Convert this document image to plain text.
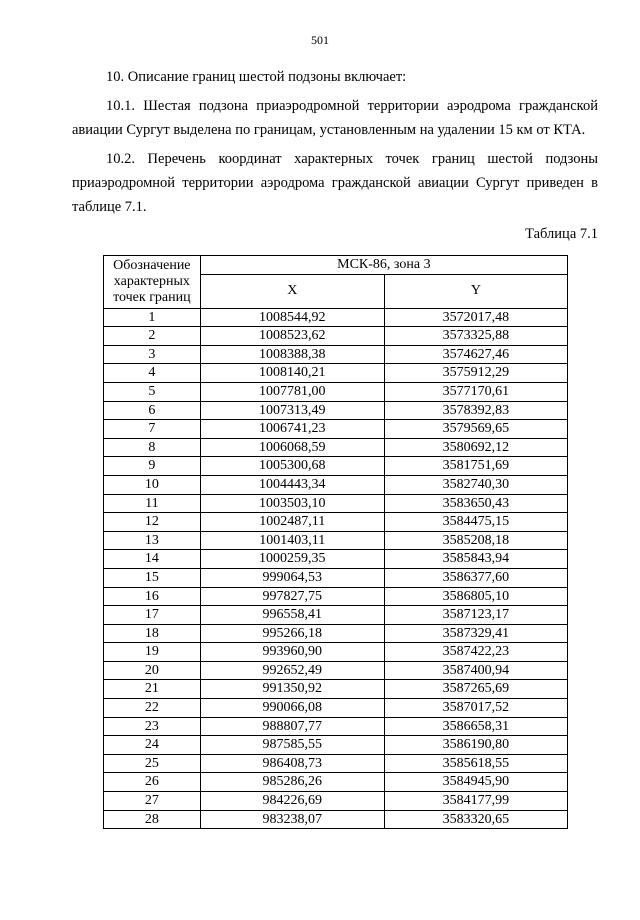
501
10. Описание границ шестой подзоны включает:
10.1. Шестая подзона приаэродромной территории аэродрома гражданской авиации Сургут выделена по границам, установленным на удалении 15 км от КТА.
10.2. Перечень координат характерных точек границ шестой подзоны приаэродромной территории аэродрома гражданской авиации Сургут приведен в таблице 7.1.
Таблица 7.1
Обозначение
характерных
точек границ	МСК-86, зона 3	
	X	Y
1	1008544,92	3572017,48
2	1008523,62	3573325,88
3	1008388,38	3574627,46
4	1008140,21	3575912,29
5	1007781,00	3577170,61
6	1007313,49	3578392,83
7	1006741,23	3579569,65
8	1006068,59	3580692,12
9	1005300,68	3581751,69
10	1004443,34	3582740,30
11	1003503,10	3583650,43
12	1002487,11	3584475,15
13	1001403,11	3585208,18
14	1000259,35	3585843,94
15	999064,53	3586377,60
16	997827,75	3586805,10
17	996558,41	3587123,17
18	995266,18	3587329,41
19	993960,90	3587422,23
20	992652,49	3587400,94
21	991350,92	3587265,69
22	990066,08	3587017,52
23	988807,77	3586658,31
24	987585,55	3586190,80
25	986408,73	3585618,55
26	985286,26	3584945,90
27	984226,69	3584177,99
28	983238,07	3583320,65
